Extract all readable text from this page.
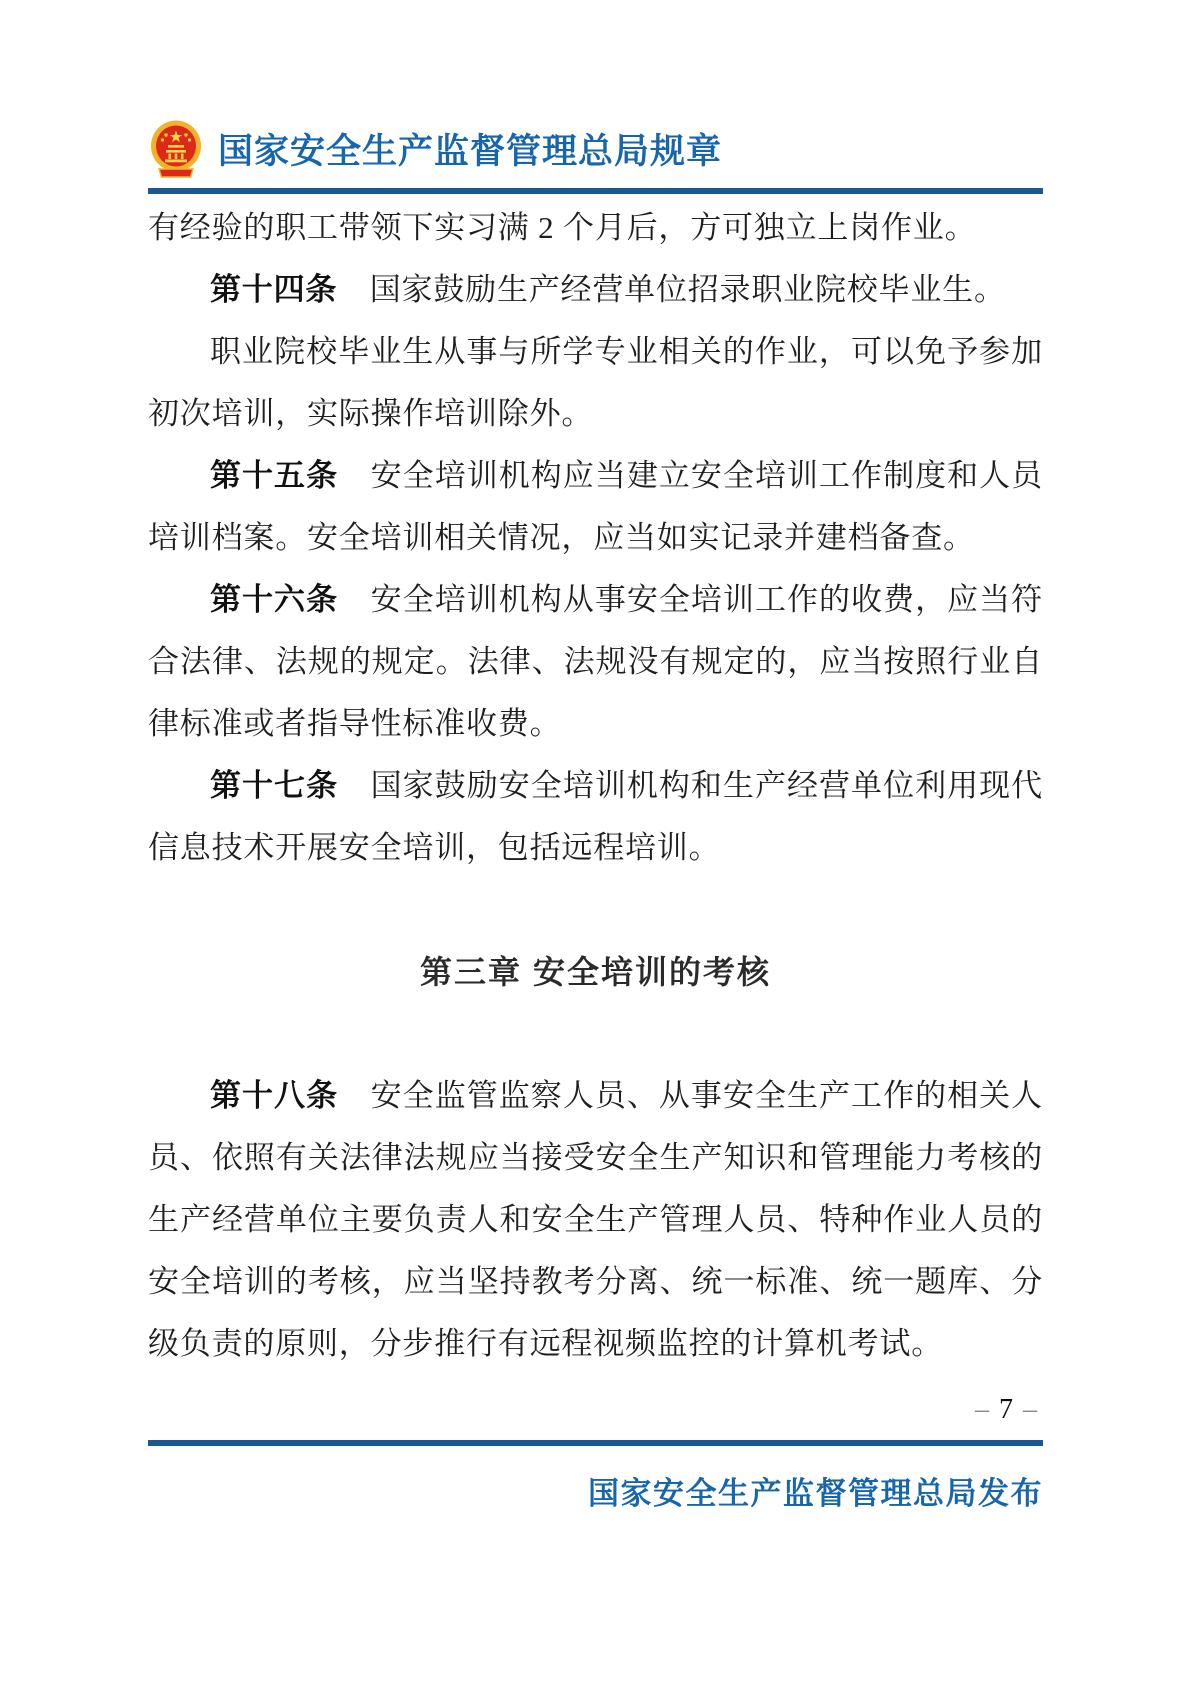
国家安全生产监督管理总局规章

有经验的职工带领下实习满 2 个月后，方可独立上岗作业。

第十四条 国家鼓励生产经营单位招录职业院校毕业生。

职业院校毕业生从事与所学专业相关的作业，可以免予参加初次培训，实际操作培训除外。

第十五条 安全培训机构应当建立安全培训工作制度和人员培训档案。安全培训相关情况，应当如实记录并建档备查。

第十六条 安全培训机构从事安全培训工作的收费，应当符合法律、法规的规定。法律、法规没有规定的，应当按照行业自律标准或者指导性标准收费。

第十七条 国家鼓励安全培训机构和生产经营单位利用现代信息技术开展安全培训，包括远程培训。

第三章 安全培训的考核

第十八条 安全监管监察人员、从事安全生产工作的相关人员、依照有关法律法规应当接受安全生产知识和管理能力考核的生产经营单位主要负责人和安全生产管理人员、特种作业人员的安全培训的考核，应当坚持教考分离、统一标准、统一题库、分级负责的原则，分步推行有远程视频监控的计算机考试。

– 7 –
国家安全生产监督管理总局发布
